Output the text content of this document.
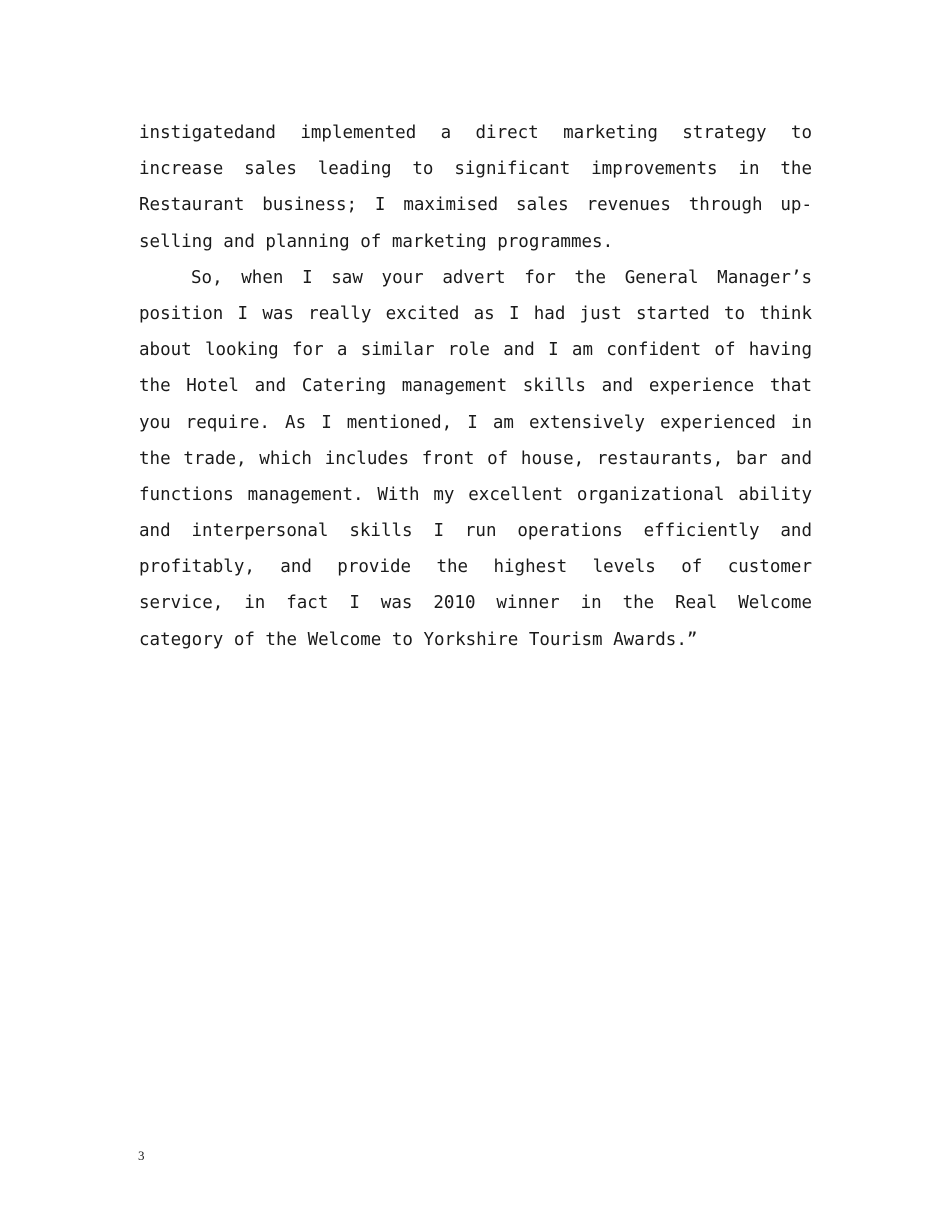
instigatedand implemented a direct marketing strategy to
increase sales leading to significant improvements in the
Restaurant business; I maximised sales revenues through up-
selling and planning of marketing programmes.
So, when I saw your advert for the General Manager’s
position I was really excited as I had just started to think
about looking for a similar role and I am confident of having
the Hotel and Catering management skills and experience that
you require. As I mentioned, I am extensively experienced in
the trade, which includes front of house, restaurants, bar and
functions management. With my excellent organizational ability
and interpersonal skills I run operations efficiently and
profitably, and provide the highest levels of customer
service, in fact I was 2010 winner in the Real Welcome
category of the Welcome to Yorkshire Tourism Awards.”
3
